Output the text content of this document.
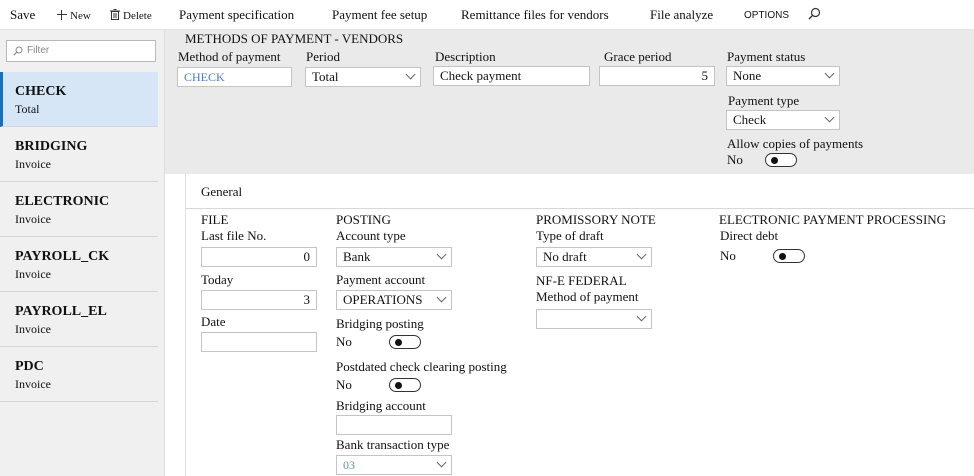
Save	New	Delete Payment specification	Payment fee setup	Remittance files for vendors	File analyze	OPTIONS
Filter
CHECK
Total
BRIDGING
Invoice
ELECTRONIC
Invoice
PAYROLL_CK
Invoice
PAYROLL_EL
Invoice
PDC
Invoice
METHODS OF PAYMENT - VENDORS
Method of payment
CHECK
Period
Total
Description
Check payment
Grace period
5
Payment status
None
Payment type
Check
Allow copies of payments
No
General
FILE
Last file No.
0
Today
3
Date
POSTING
Account type
Bank
Payment account
OPERATIONS
Bridging posting
No
Postdated check clearing posting
No
Bridging account
Bank transaction type
03
PROMISSORY NOTE
Type of draft
No draft
NF-E FEDERAL
Method of payment
ELECTRONIC PAYMENT PROCESSING
Direct debt
No
